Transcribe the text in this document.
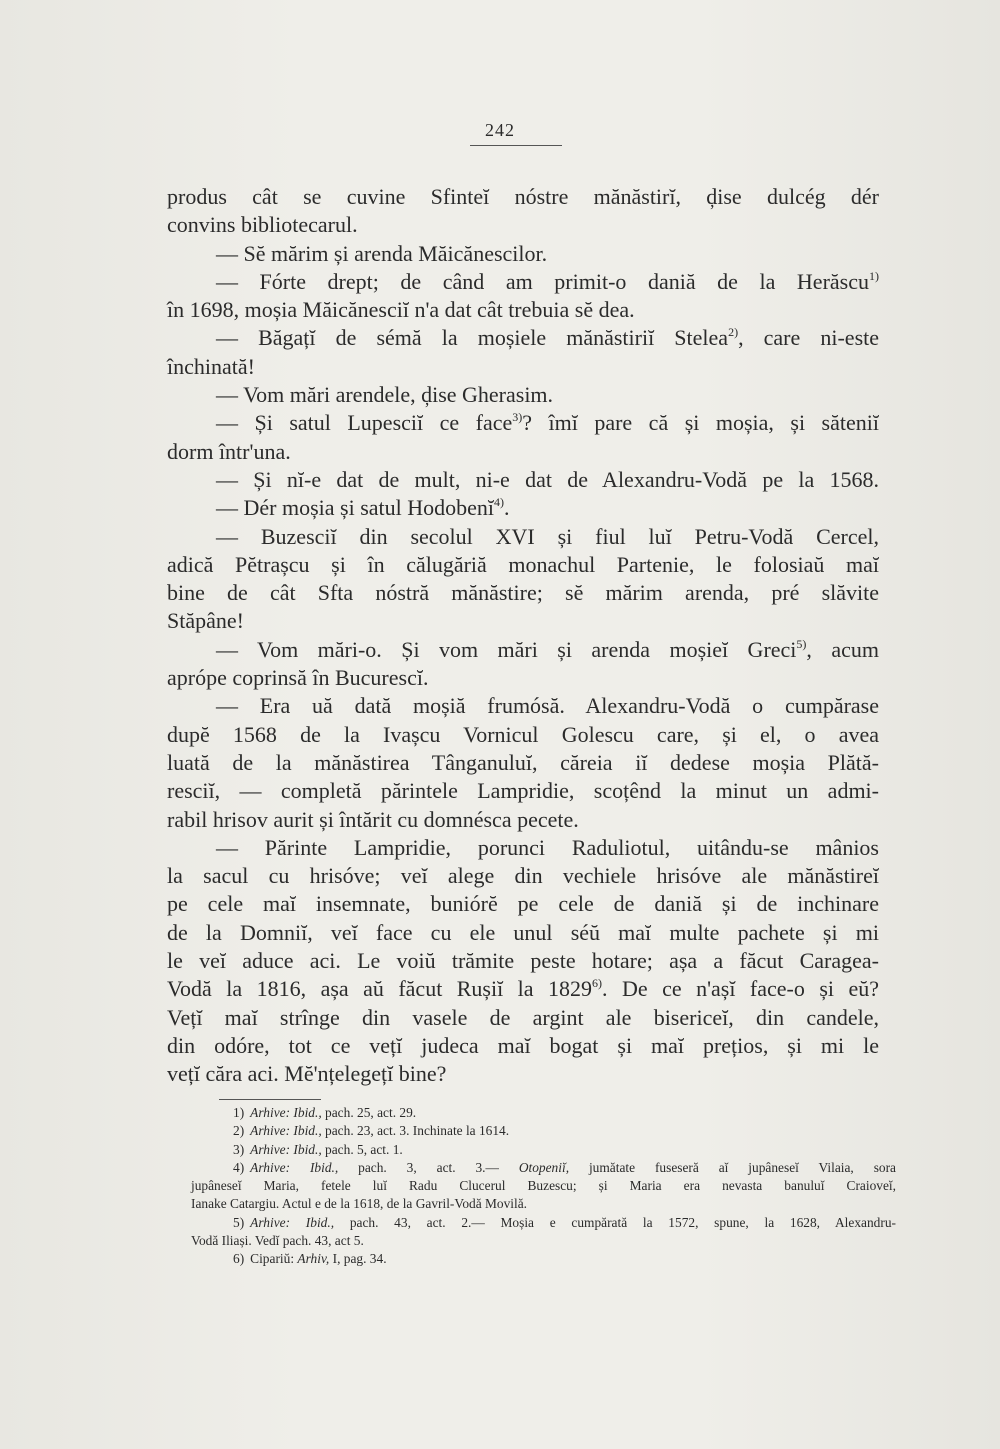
242
produs cât se cuvine Sfinteĭ nóstre mănăstirĭ, ḑise dulcég dér
convins bibliotecarul.
— Sĕ mărim și arenda Măicănescilor.
— Fórte drept; de când am primit-o daniă de la Herăscu$^{1)}$
în 1698, moșia Măicănesciĭ n'a dat cât trebuia sĕ dea.
— Băgațĭ de sémă la moșiele mănăstiriĭ Stelea$^{2)}$, care ni-este
închinată!
— Vom mări arendele, ḑise Gherasim.
— Și satul Lupesciĭ ce face$^{3)}$? îmĭ pare că și moșia, și săteniĭ
dorm într'una.
— Și nĭ-e dat de mult, ni-e dat de Alexandru-Vodă pe la 1568.
— Dér moșia și satul Hodobenĭ$^{4)}$.
— Buzesciĭ din secolul XVI și fiul luĭ Petru-Vodă Cercel,
adică Pĕtrașcu și în călugăriă monachul Partenie, le folosiaŭ maĭ
bine de cât Sfta nóstră mănăstire; sĕ mărim arenda, pré slăvite
Stăpâne!
— Vom mări-o. Și vom mări și arenda moșieĭ Greci$^{5)}$, acum
aprópe coprinsă în Bucurescĭ.
— Era uă dată moșiă frumósă. Alexandru-Vodă o cumpărase
dupĕ 1568 de la Ivașcu Vornicul Golescu care, și el, o avea
luată de la mănăstirea Tânganuluĭ, căreia iĭ dedese moșia Plătă-
resciĭ, — completă părintele Lampridie, scoțênd la minut un admi-
rabil hrisov aurit și întărit cu domnésca pecete.
— Părinte Lampridie, porunci Raduliotul, uitându-se mânios
la sacul cu hrisóve; veĭ alege din vechiele hrisóve ale mănăstireĭ
pe cele maĭ insemnate, buniórĕ pe cele de daniă și de inchinare
de la Domniĭ, veĭ face cu ele unul séŭ maĭ multe pachete și mi
le veĭ aduce aci. Le voiŭ trămite peste hotare; așa a făcut Caragea-
Vodă la 1816, așa aŭ făcut Rușiĭ la 1829$^{6)}$. De ce n'așĭ face-o și eŭ?
Vețĭ maĭ strînge din vasele de argint ale bisericeĭ, din candele,
din odóre, tot ce vețĭ judeca maĭ bogat și maĭ prețios, și mi le
vețĭ căra aci. Mĕ'nțelegețĭ bine?
1) Arhive: Ibid., pach. 25, act. 29.
2) Arhive: Ibid., pach. 23, act. 3. Inchinate la 1614.
3) Arhive: Ibid., pach. 5, act. 1.
4) Arhive: Ibid., pach. 3, act. 3.— Otopeniĭ, jumătate fuseseră aĭ jupâneseĭ Vilaia, sora
jupâneseĭ Maria, fetele luĭ Radu Clucerul Buzescu; și Maria era nevasta banuluĭ Craioveĭ,
Ianake Catargiu. Actul e de la 1618, de la Gavril-Vodă Movilă.
5) Arhive: Ibid., pach. 43, act. 2.— Moșia e cumpărată la 1572, spune, la 1628, Alexandru-
Vodă Iliași. Vedĭ pach. 43, act 5.
6) Cipariŭ: Arhiv, I, pag. 34.
